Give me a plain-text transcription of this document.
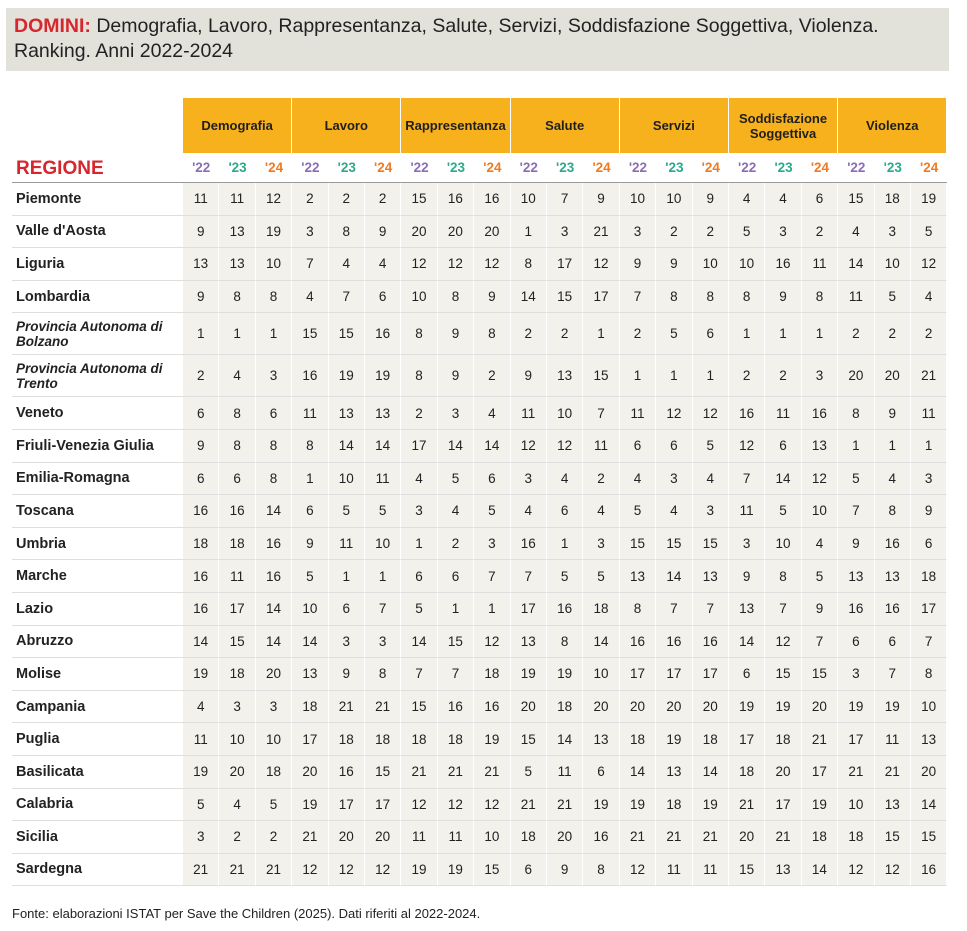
DOMINI: Demografia, Lavoro, Rappresentanza, Salute, Servizi, Soddisfazione Soggettiva, Violenza. Ranking. Anni 2022-2024
	Demografia			Lavoro			Rappresentanza			Salute			Servizi			Soddisfazione Soggettiva			Violenza		
REGIONE	'22	'23	'24	'22	'23	'24	'22	'23	'24	'22	'23	'24	'22	'23	'24	'22	'23	'24	'22	'23	'24
Piemonte	11	11	12	2	2	2	15	16	16	10	7	9	10	10	9	4	4	6	15	18	19
Valle d'Aosta	9	13	19	3	8	9	20	20	20	1	3	21	3	2	2	5	3	2	4	3	5
Liguria	13	13	10	7	4	4	12	12	12	8	17	12	9	9	10	10	16	11	14	10	12
Lombardia	9	8	8	4	7	6	10	8	9	14	15	17	7	8	8	8	9	8	11	5	4
Provincia Autonoma di Bolzano	1	1	1	15	15	16	8	9	8	2	2	1	2	5	6	1	1	1	2	2	2
Provincia Autonoma di Trento	2	4	3	16	19	19	8	9	2	9	13	15	1	1	1	2	2	3	20	20	21
Veneto	6	8	6	11	13	13	2	3	4	11	10	7	11	12	12	16	11	16	8	9	11
Friuli-Venezia Giulia	9	8	8	8	14	14	17	14	14	12	12	11	6	6	5	12	6	13	1	1	1
Emilia-Romagna	6	6	8	1	10	11	4	5	6	3	4	2	4	3	4	7	14	12	5	4	3
Toscana	16	16	14	6	5	5	3	4	5	4	6	4	5	4	3	11	5	10	7	8	9
Umbria	18	18	16	9	11	10	1	2	3	16	1	3	15	15	15	3	10	4	9	16	6
Marche	16	11	16	5	1	1	6	6	7	7	5	5	13	14	13	9	8	5	13	13	18
Lazio	16	17	14	10	6	7	5	1	1	17	16	18	8	7	7	13	7	9	16	16	17
Abruzzo	14	15	14	14	3	3	14	15	12	13	8	14	16	16	16	14	12	7	6	6	7
Molise	19	18	20	13	9	8	7	7	18	19	19	10	17	17	17	6	15	15	3	7	8
Campania	4	3	3	18	21	21	15	16	16	20	18	20	20	20	20	19	19	20	19	19	10
Puglia	11	10	10	17	18	18	18	18	19	15	14	13	18	19	18	17	18	21	17	11	13
Basilicata	19	20	18	20	16	15	21	21	21	5	11	6	14	13	14	18	20	17	21	21	20
Calabria	5	4	5	19	17	17	12	12	12	21	21	19	19	18	19	21	17	19	10	13	14
Sicilia	3	2	2	21	20	20	11	11	10	18	20	16	21	21	21	20	21	18	18	15	15
Sardegna	21	21	21	12	12	12	19	19	15	6	9	8	12	11	11	15	13	14	12	12	16
Fonte: elaborazioni ISTAT per Save the Children (2025). Dati riferiti al 2022-2024.
